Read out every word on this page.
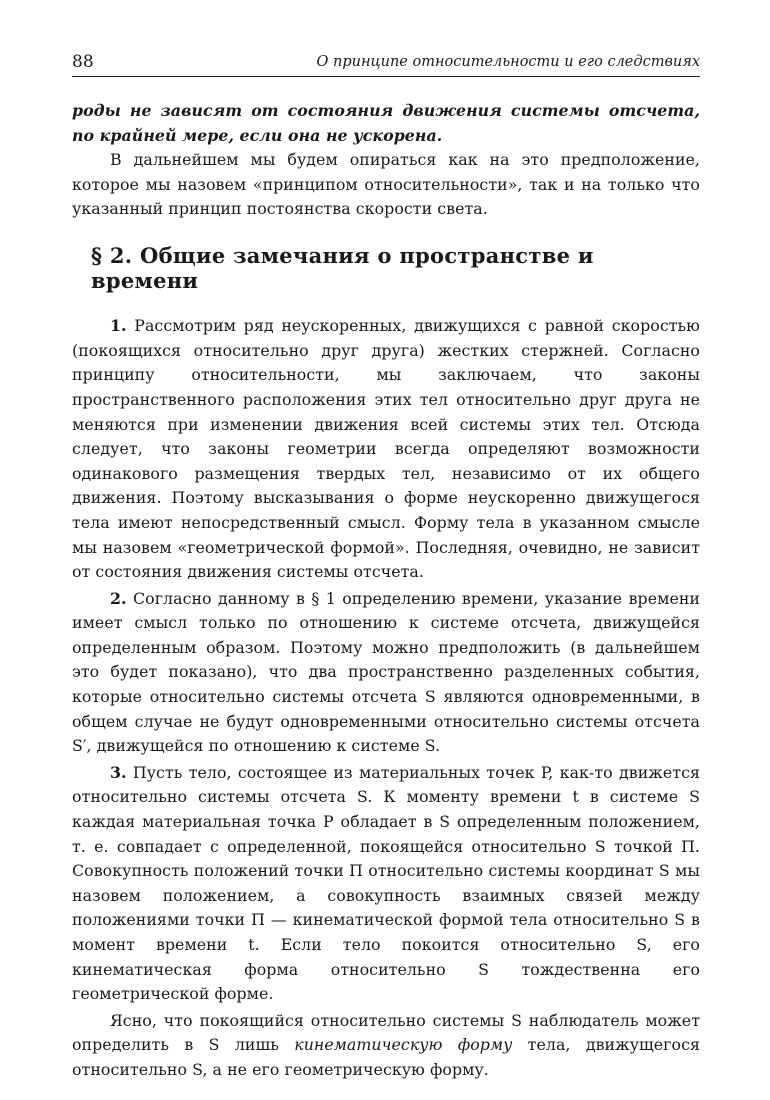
88	О принципе относительности и его следствиях

роды не зависят от состояния движения системы отсчета, по крайней мере, если она не ускорена.

В дальнейшем мы будем опираться как на это предположение, которое мы назовем «принципом относительности», так и на только что указанный принцип постоянства скорости света.

§ 2. Общие замечания о пространстве и времени

1. Рассмотрим ряд неускоренных, движущихся с равной скоростью (покоящихся относительно друг друга) жестких стержней. Согласно принципу относительности, мы заключаем, что законы пространственного расположения этих тел относительно друг друга не меняются при изменении движения всей системы этих тел. Отсюда следует, что законы геометрии всегда определяют возможности одинакового размещения твердых тел, независимо от их общего движения. Поэтому высказывания о форме неускоренно движущегося тела имеют непосредственный смысл. Форму тела в указанном смысле мы назовем «геометрической формой». Последняя, очевидно, не зависит от состояния движения системы отсчета.

2. Согласно данному в § 1 определению времени, указание времени имеет смысл только по отношению к системе отсчета, движущейся определенным образом. Поэтому можно предположить (в дальнейшем это будет показано), что два пространственно разделенных события, которые относительно системы отсчета S являются одновременными, в общем случае не будут одновременными относительно системы отсчета S′, движущейся по отношению к системе S.

3. Пусть тело, состоящее из материальных точек P, как-то движется относительно системы отсчета S. К моменту времени t в системе S каждая материальная точка P обладает в S определенным положением, т. е. совпадает с определенной, покоящейся относительно S точкой П. Совокупность положений точки П относительно системы координат S мы назовем положением, а совокупность взаимных связей между положениями точки П — кинематической формой тела относительно S в момент времени t. Если тело покоится относительно S, его кинематическая форма относительно S тождественна его геометрической форме.

Ясно, что покоящийся относительно системы S наблюдатель может определить в S лишь кинематическую форму тела, движущегося относительно S, а не его геометрическую форму.
